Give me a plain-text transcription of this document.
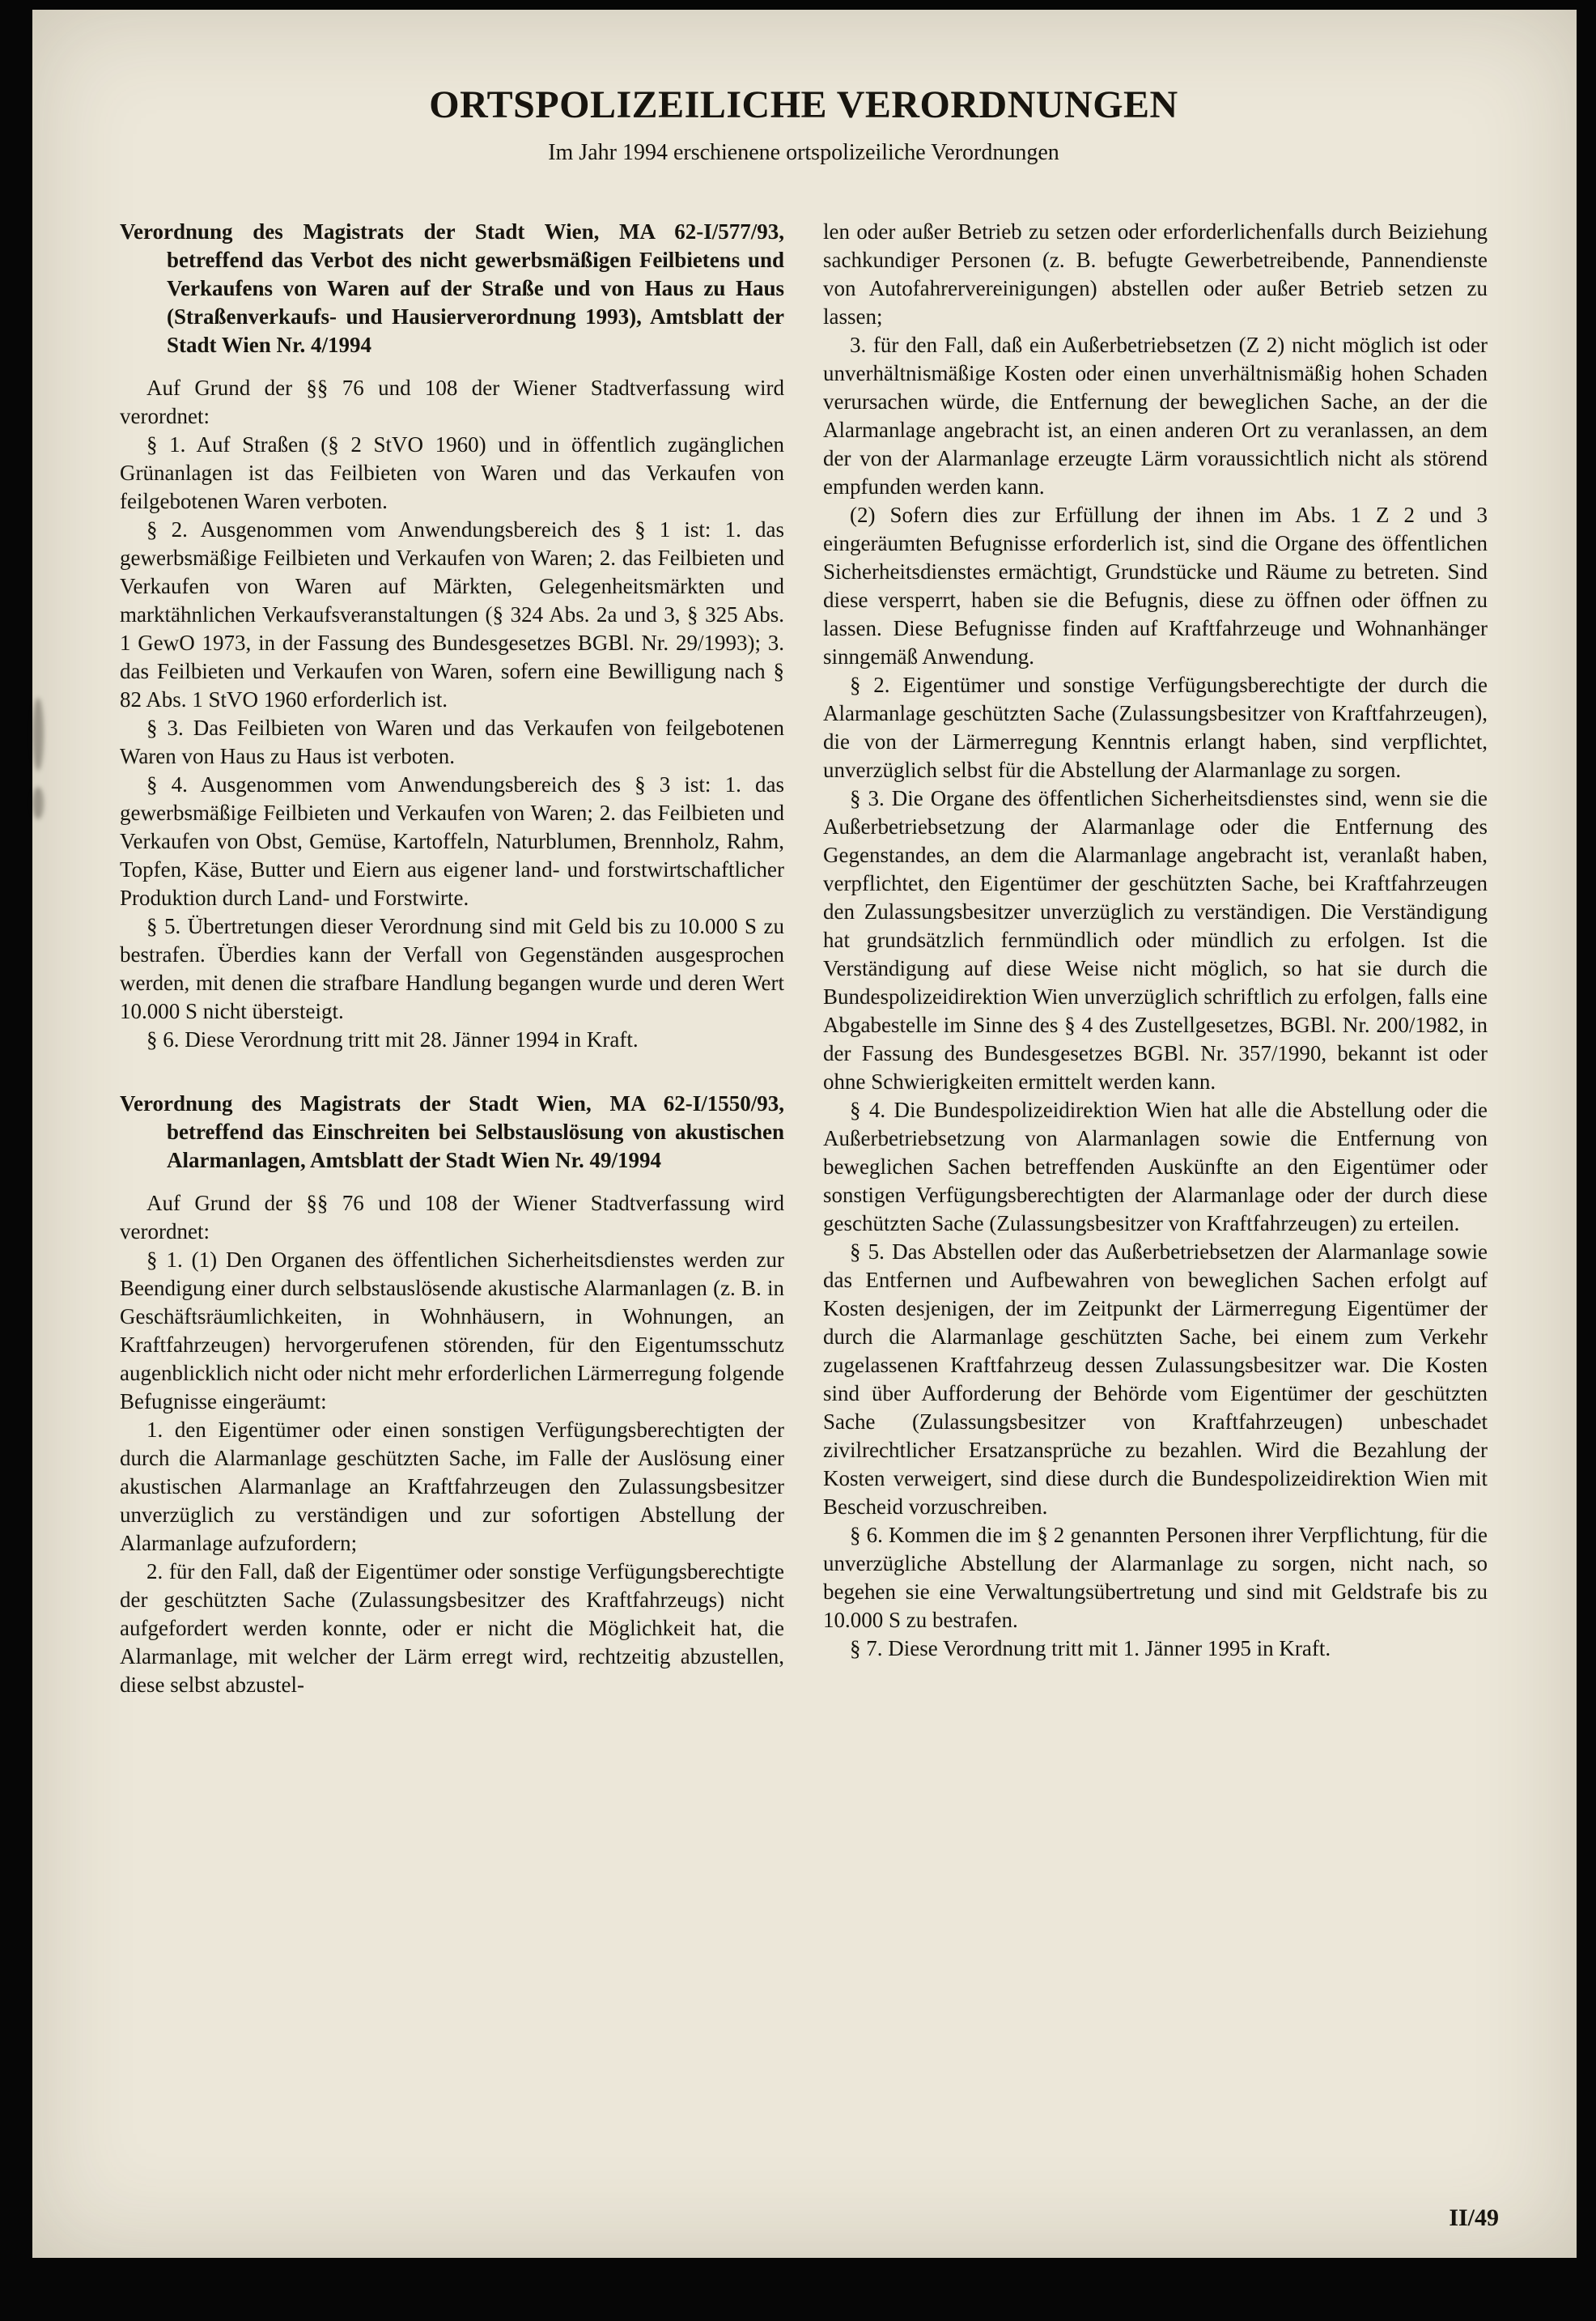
ORTSPOLIZEILICHE VERORDNUNGEN
Im Jahr 1994 erschienene ortspolizeiliche Verordnungen
Verordnung des Magistrats der Stadt Wien, MA 62-I/577/93, betreffend das Verbot des nicht gewerbsmäßigen Feilbietens und Verkaufens von Waren auf der Straße und von Haus zu Haus (Straßenverkaufs- und Hausierverordnung 1993), Amtsblatt der Stadt Wien Nr. 4/1994

Auf Grund der §§ 76 und 108 der Wiener Stadtverfassung wird verordnet:

§ 1. Auf Straßen (§ 2 StVO 1960) und in öffentlich zugänglichen Grünanlagen ist das Feilbieten von Waren und das Verkaufen von feilgebotenen Waren verboten.

§ 2. Ausgenommen vom Anwendungsbereich des § 1 ist: 1. das gewerbsmäßige Feilbieten und Verkaufen von Waren; 2. das Feilbieten und Verkaufen von Waren auf Märkten, Gelegenheitsmärkten und marktähnlichen Verkaufsveranstaltungen (§ 324 Abs. 2a und 3, § 325 Abs. 1 GewO 1973, in der Fassung des Bundesgesetzes BGBl. Nr. 29/1993); 3. das Feilbieten und Verkaufen von Waren, sofern eine Bewilligung nach § 82 Abs. 1 StVO 1960 erforderlich ist.

§ 3. Das Feilbieten von Waren und das Verkaufen von feilgebotenen Waren von Haus zu Haus ist verboten.

§ 4. Ausgenommen vom Anwendungsbereich des § 3 ist: 1. das gewerbsmäßige Feilbieten und Verkaufen von Waren; 2. das Feilbieten und Verkaufen von Obst, Gemüse, Kartoffeln, Naturblumen, Brennholz, Rahm, Topfen, Käse, Butter und Eiern aus eigener land- und forstwirtschaftlicher Produktion durch Land- und Forstwirte.

§ 5. Übertretungen dieser Verordnung sind mit Geld bis zu 10.000 S zu bestrafen. Überdies kann der Verfall von Gegenständen ausgesprochen werden, mit denen die strafbare Handlung begangen wurde und deren Wert 10.000 S nicht übersteigt.

§ 6. Diese Verordnung tritt mit 28. Jänner 1994 in Kraft.

Verordnung des Magistrats der Stadt Wien, MA 62-I/1550/93, betreffend das Einschreiten bei Selbstauslösung von akustischen Alarmanlagen, Amtsblatt der Stadt Wien Nr. 49/1994

Auf Grund der §§ 76 und 108 der Wiener Stadtverfassung wird verordnet:

§ 1. (1) Den Organen des öffentlichen Sicherheitsdienstes werden zur Beendigung einer durch selbstauslösende akustische Alarmanlagen (z. B. in Geschäftsräumlichkeiten, in Wohnhäusern, in Wohnungen, an Kraftfahrzeugen) hervorgerufenen störenden, für den Eigentumsschutz augenblicklich nicht oder nicht mehr erforderlichen Lärmerregung folgende Befugnisse eingeräumt:

1. den Eigentümer oder einen sonstigen Verfügungsberechtigten der durch die Alarmanlage geschützten Sache, im Falle der Auslösung einer akustischen Alarmanlage an Kraftfahrzeugen den Zulassungsbesitzer unverzüglich zu verständigen und zur sofortigen Abstellung der Alarmanlage aufzufordern;

2. für den Fall, daß der Eigentümer oder sonstige Verfügungsberechtigte der geschützten Sache (Zulassungsbesitzer des Kraftfahrzeugs) nicht aufgefordert werden konnte, oder er nicht die Möglichkeit hat, die Alarmanlage, mit welcher der Lärm erregt wird, rechtzeitig abzustellen, diese selbst abzustel-

len oder außer Betrieb zu setzen oder erforderlichenfalls durch Beiziehung sachkundiger Personen (z. B. befugte Gewerbetreibende, Pannendienste von Autofahrervereinigungen) abstellen oder außer Betrieb setzen zu lassen;

3. für den Fall, daß ein Außerbetriebsetzen (Z 2) nicht möglich ist oder unverhältnismäßige Kosten oder einen unverhältnismäßig hohen Schaden verursachen würde, die Entfernung der beweglichen Sache, an der die Alarmanlage angebracht ist, an einen anderen Ort zu veranlassen, an dem der von der Alarmanlage erzeugte Lärm voraussichtlich nicht als störend empfunden werden kann.

(2) Sofern dies zur Erfüllung der ihnen im Abs. 1 Z 2 und 3 eingeräumten Befugnisse erforderlich ist, sind die Organe des öffentlichen Sicherheitsdienstes ermächtigt, Grundstücke und Räume zu betreten. Sind diese versperrt, haben sie die Befugnis, diese zu öffnen oder öffnen zu lassen. Diese Befugnisse finden auf Kraftfahrzeuge und Wohnanhänger sinngemäß Anwendung.

§ 2. Eigentümer und sonstige Verfügungsberechtigte der durch die Alarmanlage geschützten Sache (Zulassungsbesitzer von Kraftfahrzeugen), die von der Lärmerregung Kenntnis erlangt haben, sind verpflichtet, unverzüglich selbst für die Abstellung der Alarmanlage zu sorgen.

§ 3. Die Organe des öffentlichen Sicherheitsdienstes sind, wenn sie die Außerbetriebsetzung der Alarmanlage oder die Entfernung des Gegenstandes, an dem die Alarmanlage angebracht ist, veranlaßt haben, verpflichtet, den Eigentümer der geschützten Sache, bei Kraftfahrzeugen den Zulassungsbesitzer unverzüglich zu verständigen. Die Verständigung hat grundsätzlich fernmündlich oder mündlich zu erfolgen. Ist die Verständigung auf diese Weise nicht möglich, so hat sie durch die Bundespolizeidirektion Wien unverzüglich schriftlich zu erfolgen, falls eine Abgabestelle im Sinne des § 4 des Zustellgesetzes, BGBl. Nr. 200/1982, in der Fassung des Bundesgesetzes BGBl. Nr. 357/1990, bekannt ist oder ohne Schwierigkeiten ermittelt werden kann.

§ 4. Die Bundespolizeidirektion Wien hat alle die Abstellung oder die Außerbetriebsetzung von Alarmanlagen sowie die Entfernung von beweglichen Sachen betreffenden Auskünfte an den Eigentümer oder sonstigen Verfügungsberechtigten der Alarmanlage oder der durch diese geschützten Sache (Zulassungsbesitzer von Kraftfahrzeugen) zu erteilen.

§ 5. Das Abstellen oder das Außerbetriebsetzen der Alarmanlage sowie das Entfernen und Aufbewahren von beweglichen Sachen erfolgt auf Kosten desjenigen, der im Zeitpunkt der Lärmerregung Eigentümer der durch die Alarmanlage geschützten Sache, bei einem zum Verkehr zugelassenen Kraftfahrzeug dessen Zulassungsbesitzer war. Die Kosten sind über Aufforderung der Behörde vom Eigentümer der geschützten Sache (Zulassungsbesitzer von Kraftfahrzeugen) unbeschadet zivilrechtlicher Ersatzansprüche zu bezahlen. Wird die Bezahlung der Kosten verweigert, sind diese durch die Bundespolizeidirektion Wien mit Bescheid vorzuschreiben.

§ 6. Kommen die im § 2 genannten Personen ihrer Verpflichtung, für die unverzügliche Abstellung der Alarmanlage zu sorgen, nicht nach, so begehen sie eine Verwaltungsübertretung und sind mit Geldstrafe bis zu 10.000 S zu bestrafen.

§ 7. Diese Verordnung tritt mit 1. Jänner 1995 in Kraft.

II/49
